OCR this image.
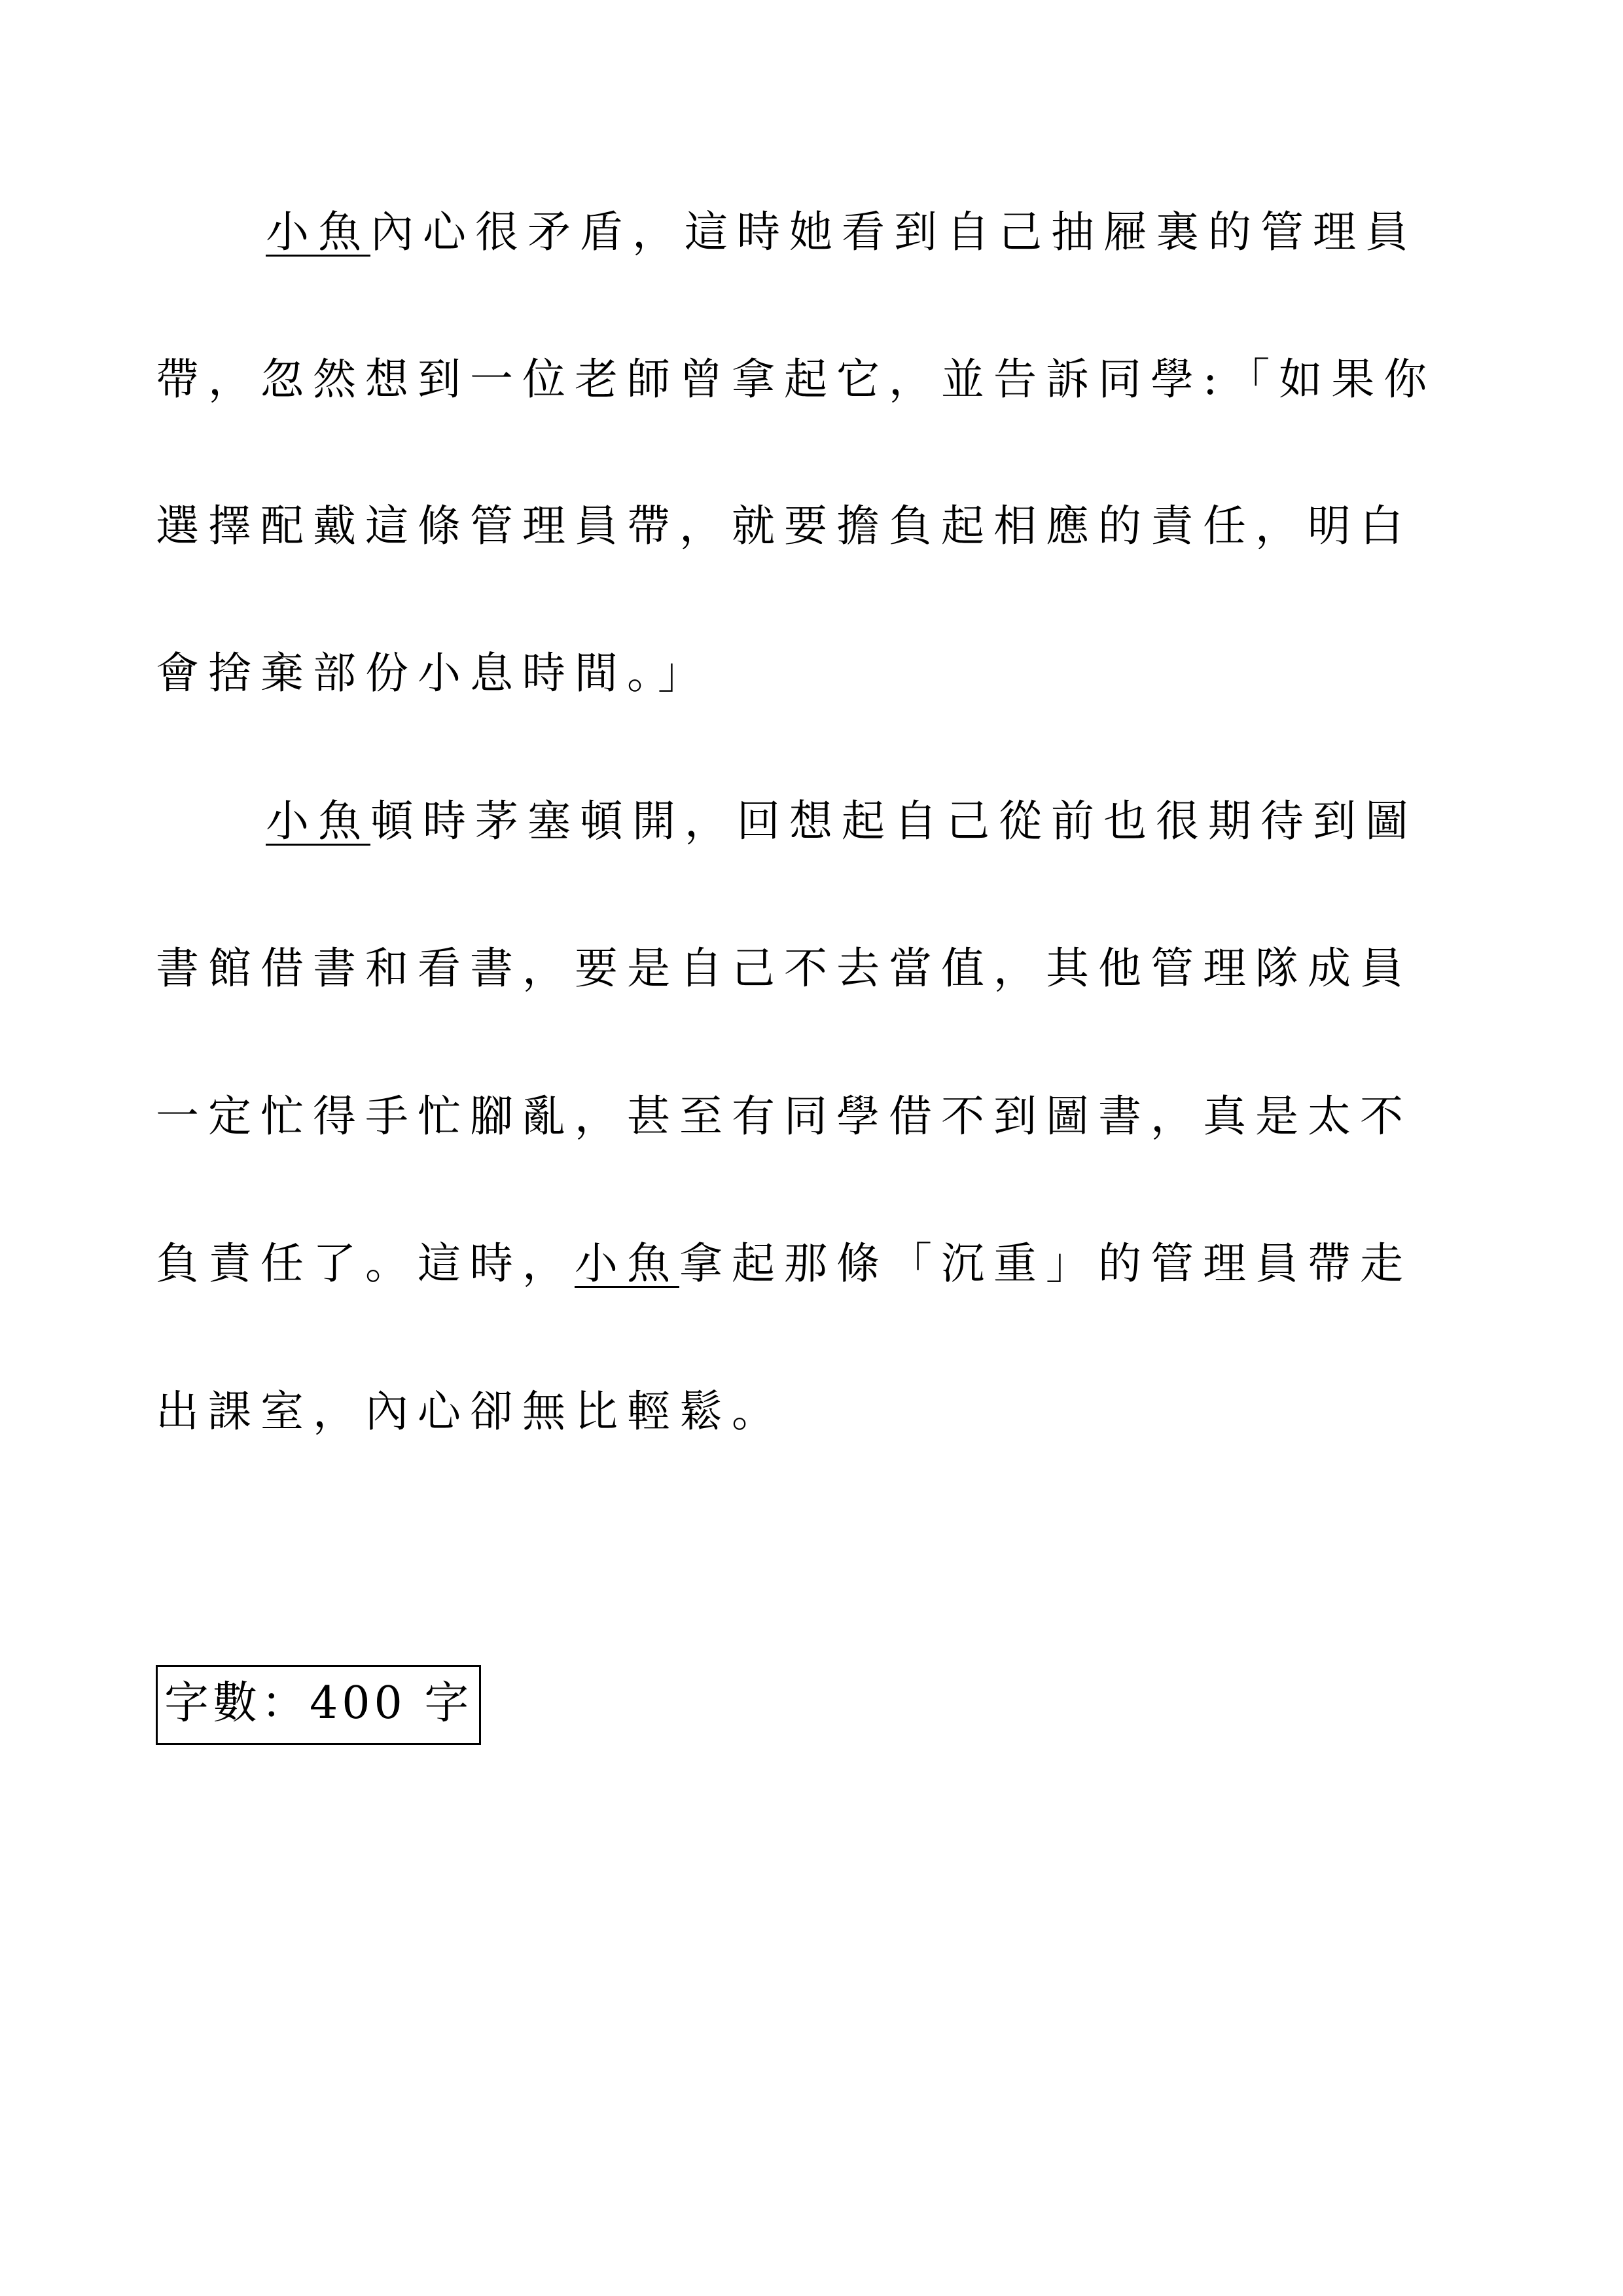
小魚內心很矛盾，這時她看到自己抽屜裏的管理員
帶，忽然想到一位老師曾拿起它，並告訴同學:「如果你
選擇配戴這條管理員帶，就要擔負起相應的責任，明白
會捨棄部份小息時間。」
小魚頓時茅塞頓開，回想起自己從前也很期待到圖
書館借書和看書，要是自己不去當值，其他管理隊成員
一定忙得手忙腳亂，甚至有同學借不到圖書，真是太不
負責任了。這時，小魚拿起那條「沉重」的管理員帶走
出課室，內心卻無比輕鬆。
字數：400 字
